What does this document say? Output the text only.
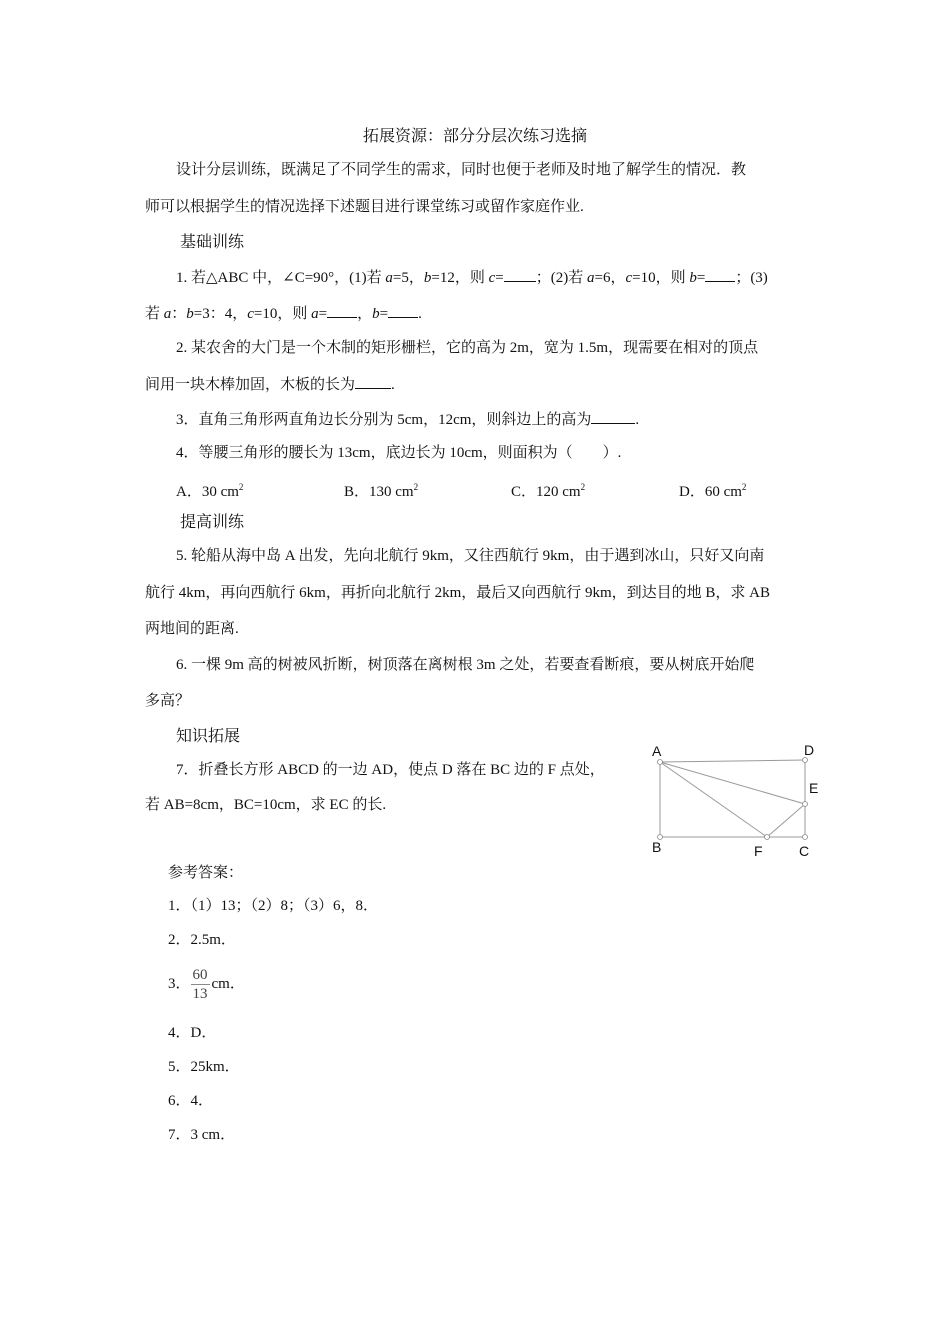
拓展资源：部分分层次练习选摘
设计分层训练，既满足了不同学生的需求，同时也便于老师及时地了解学生的情况．教
师可以根据学生的情况选择下述题目进行课堂练习或留作家庭作业.
基础训练
1. 若△ABC 中，∠C=90°，(1)若 a=5，b=12，则 c= ；(2)若 a=6，c=10，则 b= ；(3)
若 a：b=3：4，c=10，则 a= ，b= .
2. 某农舍的大门是一个木制的矩形栅栏，它的高为 2m，宽为 1.5m，现需要在相对的顶点
间用一块木棒加固，木板的长为 .
3．直角三角形两直角边长分别为 5cm，12cm，则斜边上的高为	.
4．等腰三角形的腰长为 13cm，底边长为 10cm，则面积为（　　）.
A．30 $cm^2$	B．130 $cm^2$	C．120 $cm^2$	D．60 $cm^2$
提高训练
5. 轮船从海中岛 A 出发，先向北航行 9km，又往西航行 9km，由于遇到冰山，只好又向南
航行 4km，再向西航行 6km，再折向北航行 2km，最后又向西航行 9km，到达目的地 B，求 AB
两地间的距离.
6. 一棵 9m 高的树被风折断，树顶落在离树根 3m 之处，若要查看断痕，要从树底开始爬
多高？
知识拓展
7．折叠长方形 ABCD 的一边 AD，使点 D 落在 BC 边的 F 点处，
若 AB=8cm，BC=10cm，求 EC 的长.
A	D
E
B	F	C
参考答案：
1．（1）13；（2）8；（3）6，8．
2．2.5m．
3． $\frac{60}{13}$ cm．
4．D．
5．25km．
6．4．
7．3 cm．
